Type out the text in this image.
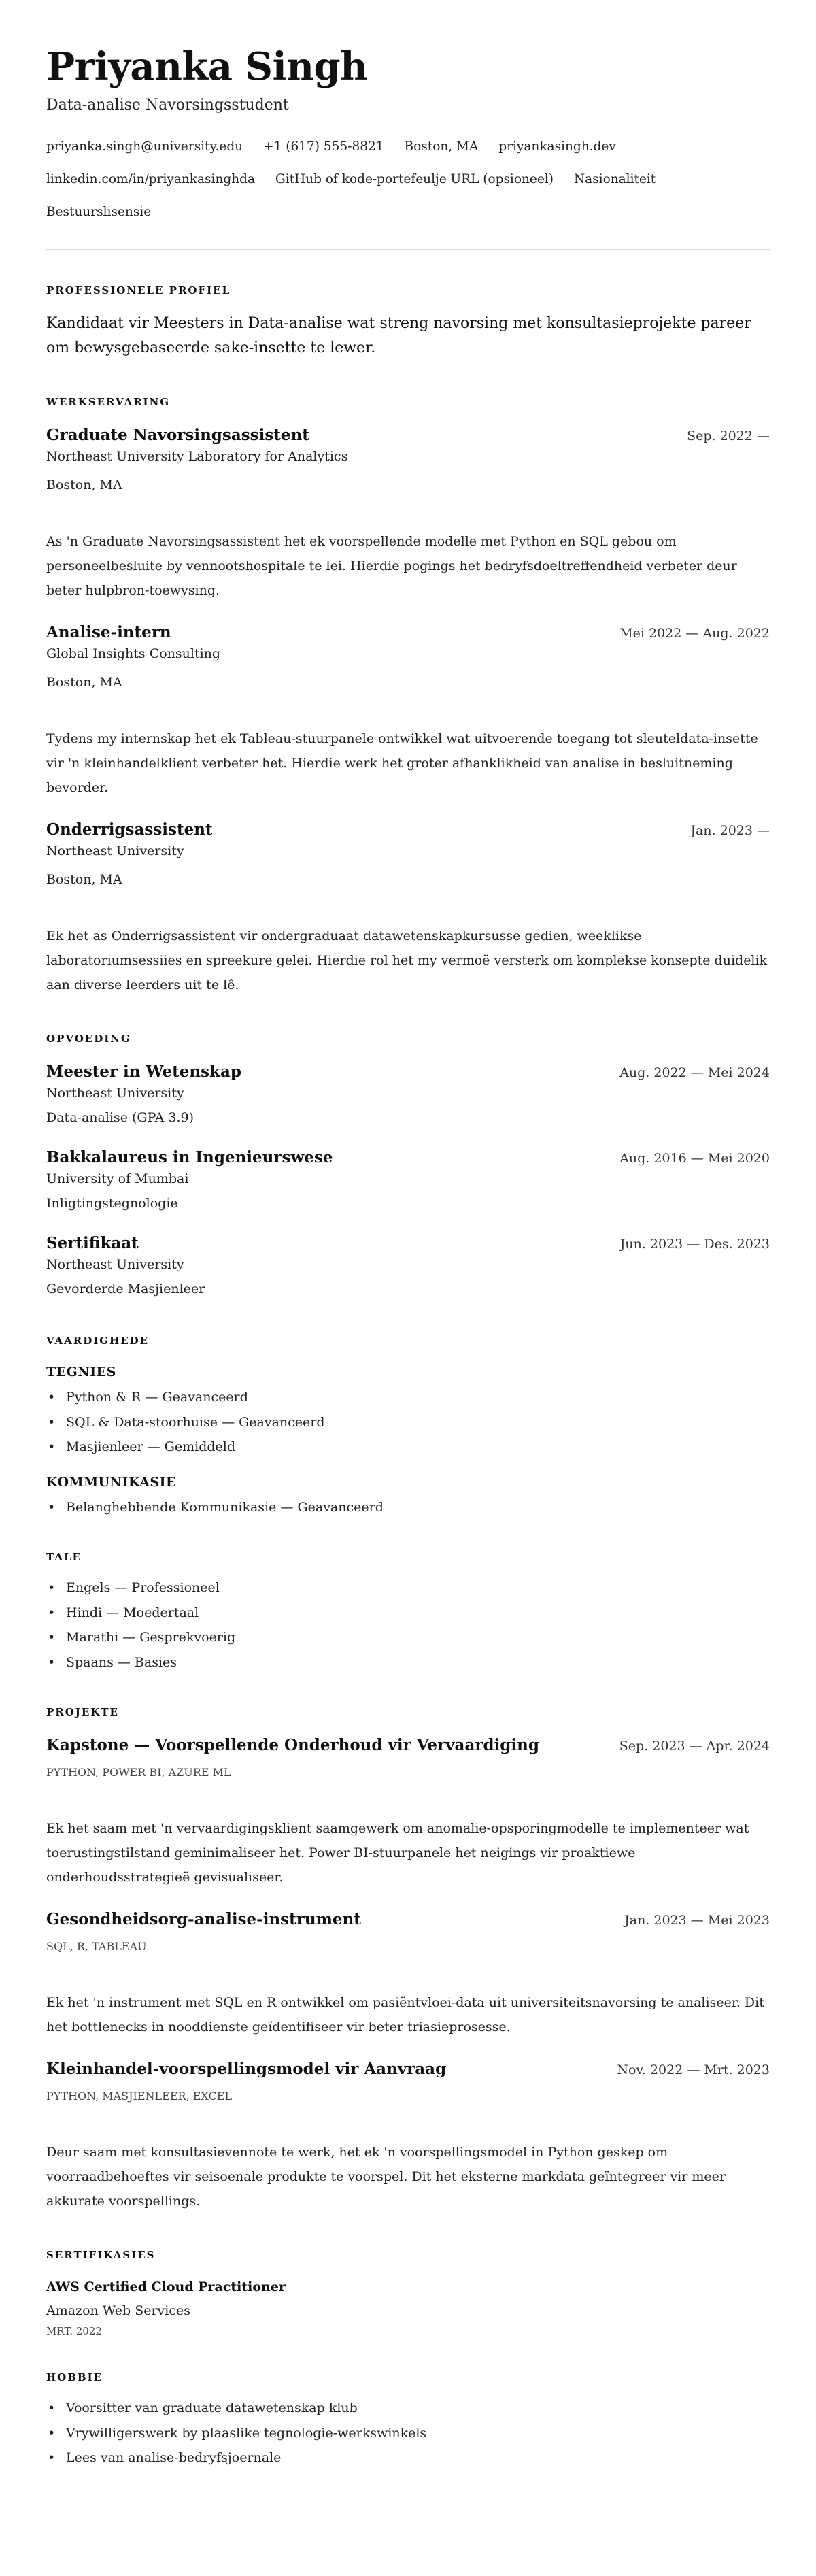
Priyanka Singh
Data-analise Navorsingsstudent
priyanka.singh@university.edu +1 (617) 555-8821 Boston, MA priyankasingh.dev
linkedin.com/in/priyankasinghda GitHub of kode-portefeulje URL (opsioneel) Nasionaliteit
Bestuurslisensie
PROFESSIONELE PROFIEL

Kandidaat vir Meesters in Data-analise wat streng navorsing met konsultasieprojekte pareer om bewysgebaseerde sake-insette te lewer.

WERKSERVARING
Graduate Navorsingsassistent	Sep. 2022 —
Northeast University Laboratory for Analytics
Boston, MA

As 'n Graduate Navorsingsassistent het ek voorspellende modelle met Python en SQL gebou om personeelbesluite by vennootshospitale te lei. Hierdie pogings het bedryfsdoeltreffendheid verbeter deur beter hulpbron-toewysing.

Analise-intern	Mei 2022 — Aug. 2022
Global Insights Consulting
Boston, MA

Tydens my internskap het ek Tableau-stuurpanele ontwikkel wat uitvoerende toegang tot sleuteldata-insette vir 'n kleinhandelklient verbeter het. Hierdie werk het groter afhanklikheid van analise in besluitneming bevorder.

Onderrigsassistent	Jan. 2023 —
Northeast University
Boston, MA

Ek het as Onderrigsassistent vir ondergraduaat datawetenskapkursusse gedien, weeklikse laboratoriumsessiies en spreekure gelei. Hierdie rol het my vermoë versterk om komplekse konsepte duidelik aan diverse leerders uit te lê.

OPVOEDING
Meester in Wetenskap	Aug. 2022 — Mei 2024
Northeast University
Data-analise (GPA 3.9)
Bakkalaureus in Ingenieurswese	Aug. 2016 — Mei 2020
University of Mumbai
Inligtingstegnologie
Sertifikaat	Jun. 2023 — Des. 2023
Northeast University
Gevorderde Masjienleer
VAARDIGHEDE
TEGNIES
• Python & R — Geavanceerd
• SQL & Data-stoorhuise — Geavanceerd
• Masjienleer — Gemiddeld
KOMMUNIKASIE
• Belanghebbende Kommunikasie — Geavanceerd
TALE
• Engels — Professioneel
• Hindi — Moedertaal
• Marathi — Gesprekvoerig
• Spaans — Basies
PROJEKTE
Kapstone — Voorspellende Onderhoud vir Vervaardiging	Sep. 2023 — Apr. 2024
PYTHON, POWER BI, AZURE ML

Ek het saam met 'n vervaardigingsklient saamgewerk om anomalie-opsporingmodelle te implementeer wat toerustingstilstand geminimaliseer het. Power BI-stuurpanele het neigings vir proaktiewe onderhoudsstrategieë gevisualiseer.

Gesondheidsorg-analise-instrument	Jan. 2023 — Mei 2023
SQL, R, TABLEAU

Ek het 'n instrument met SQL en R ontwikkel om pasiëntvloei-data uit universiteitsnavorsing te analiseer. Dit het bottlenecks in nooddienste geïdentifiseer vir beter triasieprosesse.

Kleinhandel-voorspellingsmodel vir Aanvraag	Nov. 2022 — Mrt. 2023
PYTHON, MASJIENLEER, EXCEL

Deur saam met konsultasievennote te werk, het ek 'n voorspellingsmodel in Python geskep om voorraadbehoeftes vir seisoenale produkte te voorspel. Dit het eksterne markdata geïntegreer vir meer akkurate voorspellings.

SERTIFIKASIES
AWS Certified Cloud Practitioner
Amazon Web Services
MRT. 2022
HOBBIE
• Voorsitter van graduate datawetenskap klub
• Vrywilligerswerk by plaaslike tegnologie-werkswinkels
• Lees van analise-bedryfsjoernale
